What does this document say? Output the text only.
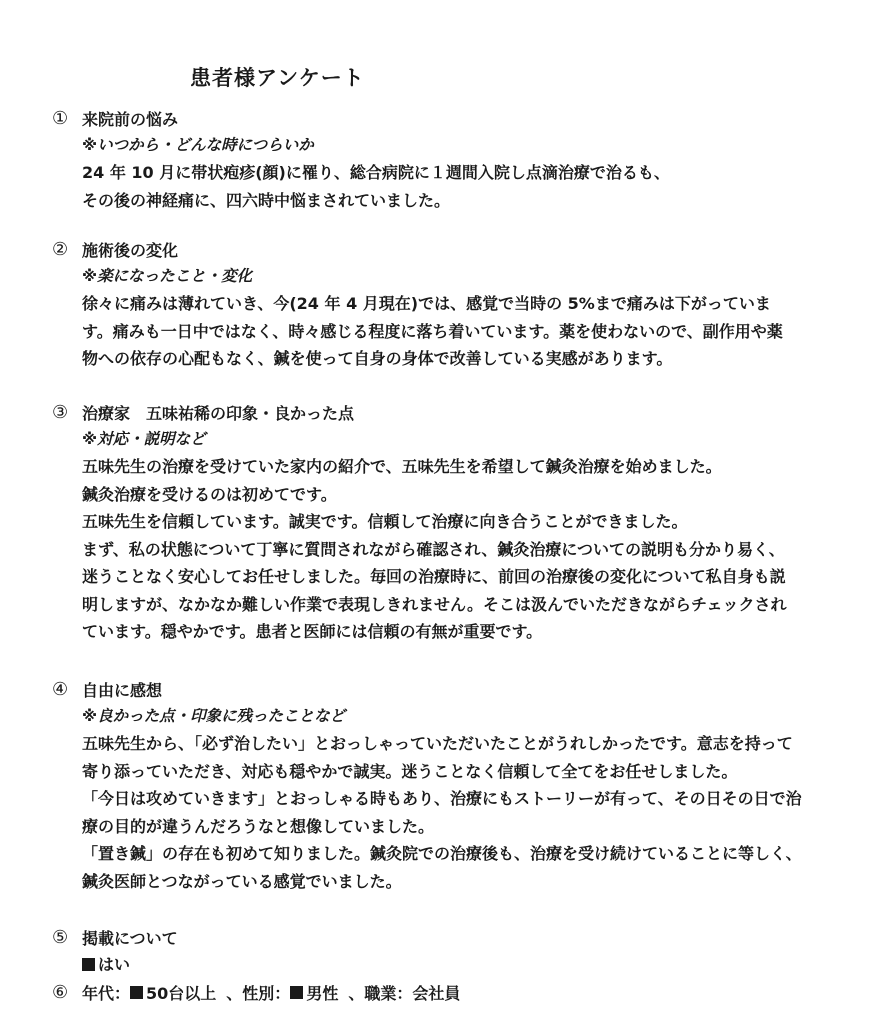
患者様アンケート
① 来院前の悩み
※いつから・どんな時につらいか

24 年 10 月に帯状疱疹(顔)に罹り、総合病院に１週間入院し点滴治療で治るも、

その後の神経痛に、四六時中悩まされていました。

② 施術後の変化
※楽になったこと・変化

徐々に痛みは薄れていき、今(24 年 4 月現在)では、感覚で当時の 5%まで痛みは下がっていま

す。痛みも一日中ではなく、時々感じる程度に落ち着いています。薬を使わないので、副作用や薬

物への依存の心配もなく、鍼を使って自身の身体で改善している実感があります。

③ 治療家　五味祐稀の印象・良かった点
※対応・説明など

五味先生の治療を受けていた家内の紹介で、五味先生を希望して鍼灸治療を始めました。

鍼灸治療を受けるのは初めてです。

五味先生を信頼しています。誠実です。信頼して治療に向き合うことができました。

まず、私の状態について丁寧に質問されながら確認され、鍼灸治療についての説明も分かり易く、

迷うことなく安心してお任せしました。毎回の治療時に、前回の治療後の変化について私自身も説

明しますが、なかなか難しい作業で表現しきれません。そこは汲んでいただきながらチェックされ

ています。穏やかです。患者と医師には信頼の有無が重要です。

④ 自由に感想
※良かった点・印象に残ったことなど

五味先生から、「必ず治したい」とおっしゃっていただいたことがうれしかったです。意志を持って

寄り添っていただき、対応も穏やかで誠実。迷うことなく信頼して全てをお任せしました。

「今日は攻めていきます」とおっしゃる時もあり、治療にもストーリーが有って、その日その日で治

療の目的が違うんだろうなと想像していました。

「置き鍼」の存在も初めて知りました。鍼灸院での治療後も、治療を受け続けていることに等しく、

鍼灸医師とつながっている感覚でいました。

⑤ 掲載について
はい
⑥ 年代： 50台以上 、性別： 男性 、職業： 会社員
